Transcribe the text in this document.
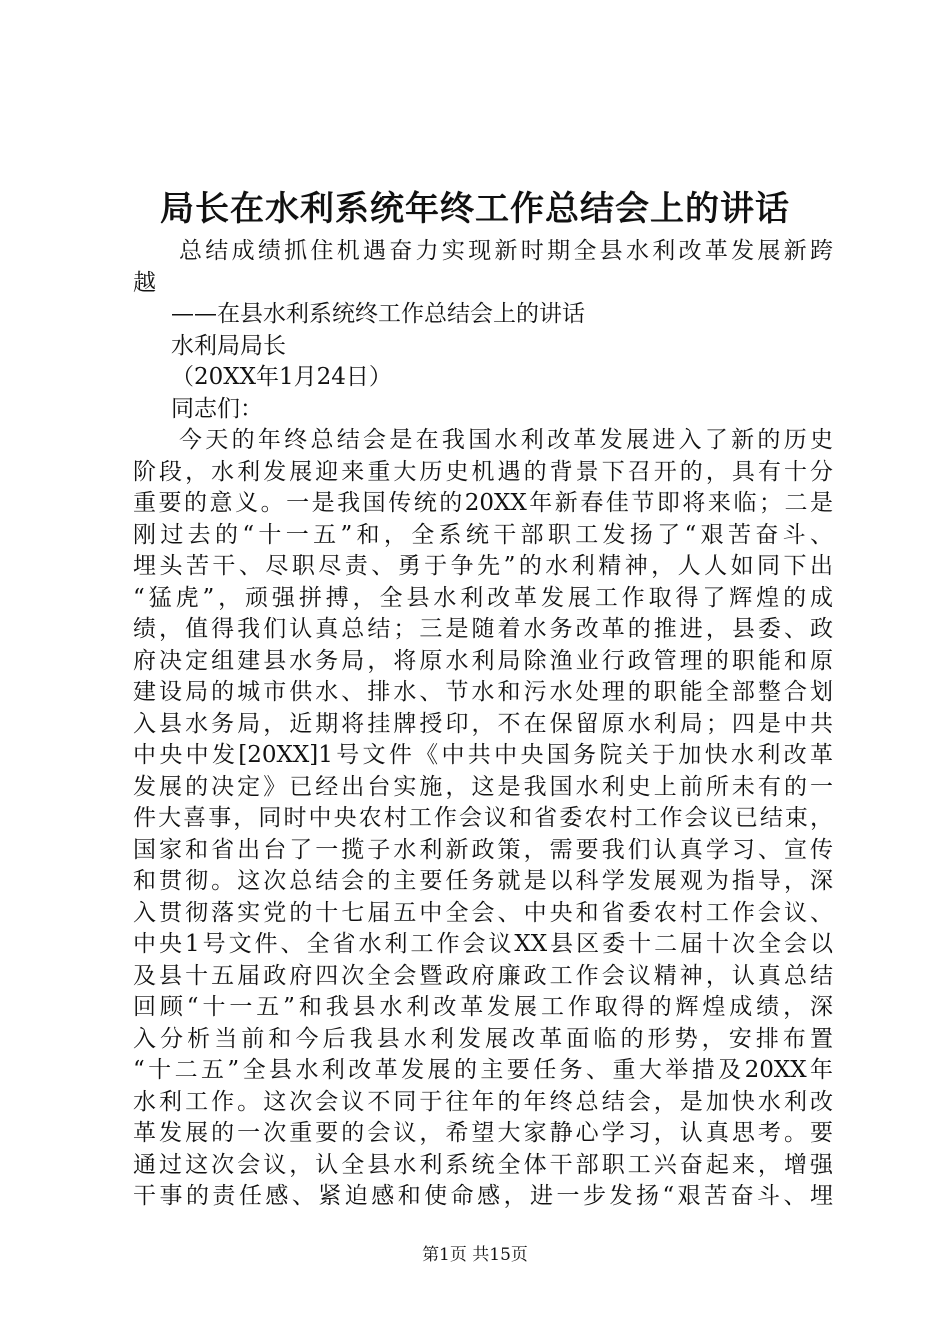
局长在水利系统年终工作总结会上的讲话
总结成绩抓住机遇奋力实现新时期全县水利改革发展新跨
越
——在县水利系统终工作总结会上的讲话
水利局局长
（20XX年1月24日）
同志们：
今天的年终总结会是在我国水利改革发展进入了新的历史
阶段，水利发展迎来重大历史机遇的背景下召开的，具有十分
重要的意义。一是我国传统的20XX年新春佳节即将来临；二是
刚过去的“十一五”和，全系统干部职工发扬了“艰苦奋斗、
埋头苦干、尽职尽责、勇于争先”的水利精神，人人如同下出
“猛虎”，顽强拼搏，全县水利改革发展工作取得了辉煌的成
绩，值得我们认真总结；三是随着水务改革的推进，县委、政
府决定组建县水务局，将原水利局除渔业行政管理的职能和原
建设局的城市供水、排水、节水和污水处理的职能全部整合划
入县水务局，近期将挂牌授印，不在保留原水利局；四是中共
中央中发[20XX]1号文件《中共中央国务院关于加快水利改革
发展的决定》已经出台实施，这是我国水利史上前所未有的一
件大喜事，同时中央农村工作会议和省委农村工作会议已结束，
国家和省出台了一揽子水利新政策，需要我们认真学习、宣传
和贯彻。这次总结会的主要任务就是以科学发展观为指导，深
入贯彻落实党的十七届五中全会、中央和省委农村工作会议、
中央1号文件、全省水利工作会议XX县区委十二届十次全会以
及县十五届政府四次全会暨政府廉政工作会议精神，认真总结
回顾“十一五”和我县水利改革发展工作取得的辉煌成绩，深
入分析当前和今后我县水利发展改革面临的形势，安排布置
“十二五”全县水利改革发展的主要任务、重大举措及20XX年
水利工作。这次会议不同于往年的年终总结会，是加快水利改
革发展的一次重要的会议，希望大家静心学习，认真思考。要
通过这次会议，认全县水利系统全体干部职工兴奋起来，增强
干事的责任感、紧迫感和使命感，进一步发扬“艰苦奋斗、埋
第1页 共15页
